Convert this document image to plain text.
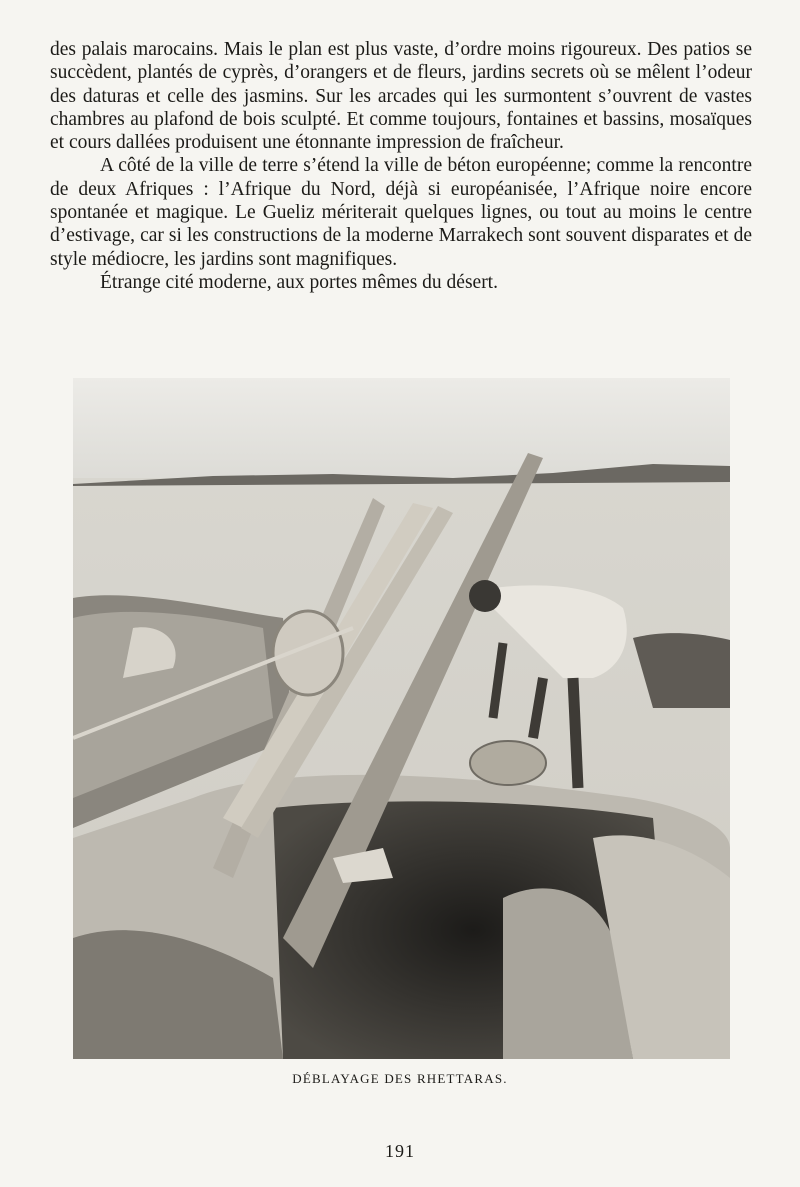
des palais marocains. Mais le plan est plus vaste, d’ordre moins rigoureux. Des patios se succèdent, plantés de cyprès, d’orangers et de fleurs, jardins secrets où se mêlent l’odeur des daturas et celle des jasmins. Sur les arcades qui les surmontent s’ouvrent de vastes chambres au plafond de bois sculpté. Et comme toujours, fontaines et bassins, mosaïques et cours dallées produisent une étonnante impression de fraîcheur.

A côté de la ville de terre s’étend la ville de béton européenne; comme la rencontre de deux Afriques : l’Afrique du Nord, déjà si européanisée, l’Afrique noire encore spontanée et magique. Le Gueliz mériterait quelques lignes, ou tout au moins le centre d’estivage, car si les constructions de la moderne Marrakech sont souvent disparates et de style médiocre, les jardins sont magnifiques.

Étrange cité moderne, aux portes mêmes du désert.

DÉBLAYAGE DES RHETTARAS.
191
